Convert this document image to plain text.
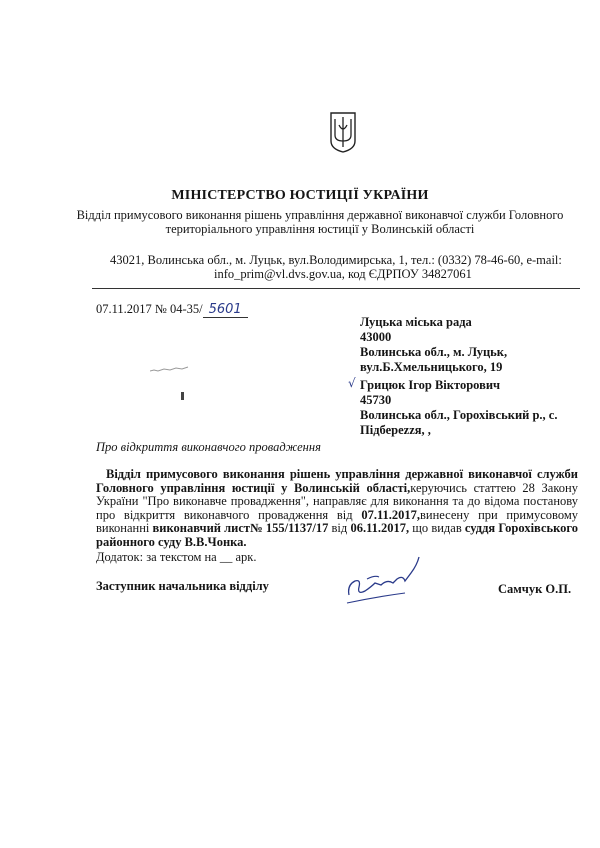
МІНІСТЕРСТВО ЮСТИЦІЇ УКРАЇНИ
Відділ примусового виконання рішень управління державної виконавчої служби Головного
територіального управління юстиції у Волинській області
43021, Волинська обл., м. Луцьк, вул.Володимирська, 1, тел.: (0332) 78-46-60, e-mail:
info_prim@vl.dvs.gov.ua, код ЄДРПОУ 34827061
07.11.2017 № 04-35/ 5601
Луцька міська рада
43000
Волинська обл., м. Луцьк,
вул.Б.Хмельницького, 19
√ Грицюк Ігор Вікторович
45730
Волинська обл., Горохівський р., с.
Підберezzя, ,
Про відкриття виконавчого провадження

Відділ примусового виконання рішень управління державної виконавчої служби Головного управління юстиції у Волинській області,керуючись статтею 28 Закону України "Про виконавче провадження", направляє для виконання та до відома постанову про відкриття виконавчого провадження від 07.11.2017,винесену при примусовому виконанні виконавчий лист№ 155/1137/17 від 06.11.2017, що видав суддя Горохівського районного суду В.В.Чонка.

Додаток: за текстом на __ арк.
Заступник начальника відділу	Самчук О.П.
